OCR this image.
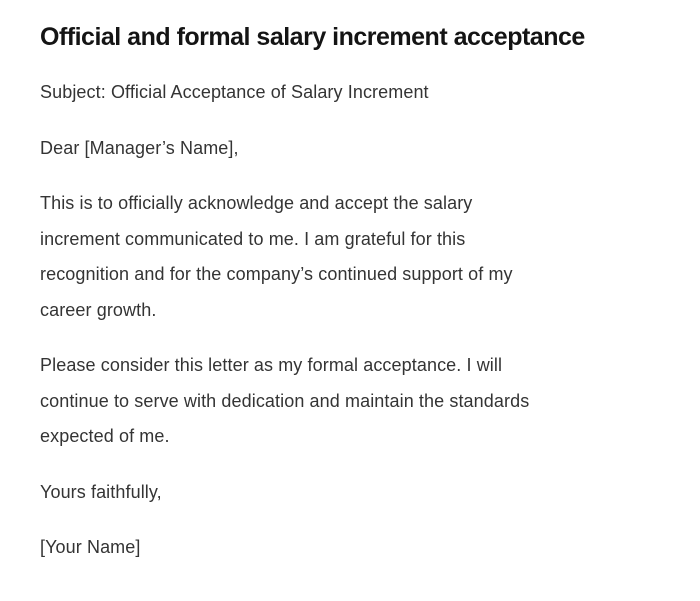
Official and formal salary increment acceptance

Subject: Official Acceptance of Salary Increment

Dear [Manager’s Name],

This is to officially acknowledge and accept the salary
increment communicated to me. I am grateful for this
recognition and for the company’s continued support of my
career growth.

Please consider this letter as my formal acceptance. I will
continue to serve with dedication and maintain the standards
expected of me.

Yours faithfully,

[Your Name]
